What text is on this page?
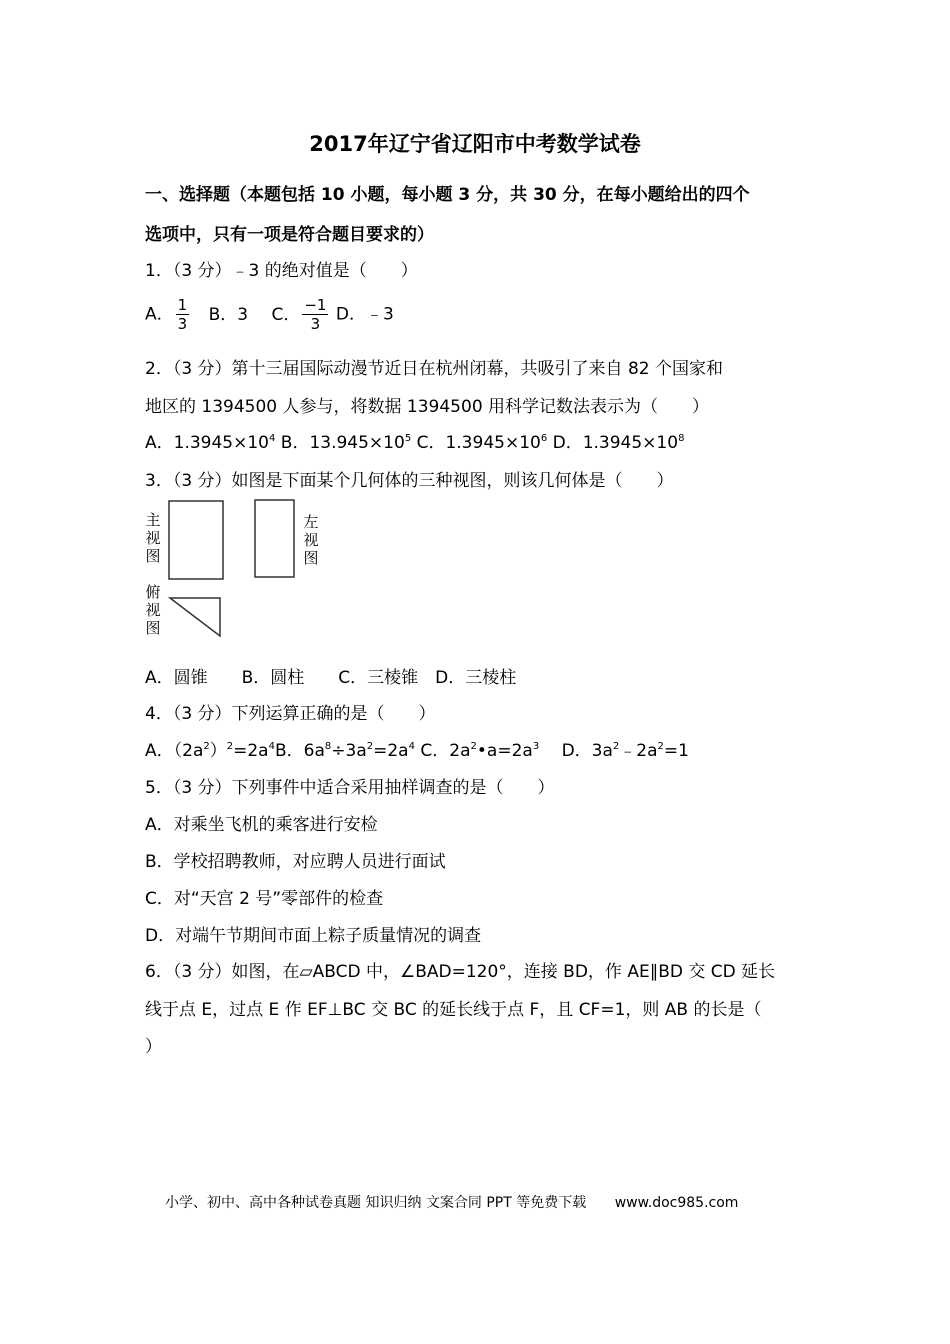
2017年辽宁省辽阳市中考数学试卷
一、选择题（本题包括 10 小题，每小题 3 分，共 30 分，在每小题给出的四个
选项中，只有一项是符合题目要求的）
1．（3 分）﹣3 的绝对值是（　　）
A． $\frac{1}{3}$ B．3 C． $\frac{-1}{3}$ D．﹣3
2．（3 分）第十三届国际动漫节近日在杭州闭幕，共吸引了来自 82 个国家和
地区的 1394500 人参与，将数据 1394500 用科学记数法表示为（　　）
A．$1.3945\times 10^4$ B．$13.945\times 10^5$ C．$1.3945\times 10^6$ D．$1.3945\times 10^8$
3．（3 分）如图是下面某个几何体的三种视图，则该几何体是（　　）
主
视
图
左
视
图
俯
视
图
A．圆锥　　B．圆柱　　C．三棱锥　D．三棱柱
4．（3 分）下列运算正确的是（　　）
A．$(2a^2)^2=2a^4B$．$6a^8\div 3a^2=2a^4$ C．$2a^2•a=2a^3$　 D．$3a^2﹣2a^2=1$
5．（3 分）下列事件中适合采用抽样调查的是（　　）
A．对乘坐飞机的乘客进行安检
B．学校招聘教师，对应聘人员进行面试
C．对“天宫 2 号”零部件的检查
D．对端午节期间市面上粽子质量情况的调查
6．（3 分）如图，在▱ABCD 中，∠BAD=120°，连接 BD，作 AE∥BD 交 CD 延长
线于点 E，过点 E 作 EF⊥BC 交 BC 的延长线于点 F，且 CF=1，则 AB 的长是（
）
小学、初中、高中各种试卷真题 知识归纳 文案合同 PPT 等免费下载 www.doc985.com
